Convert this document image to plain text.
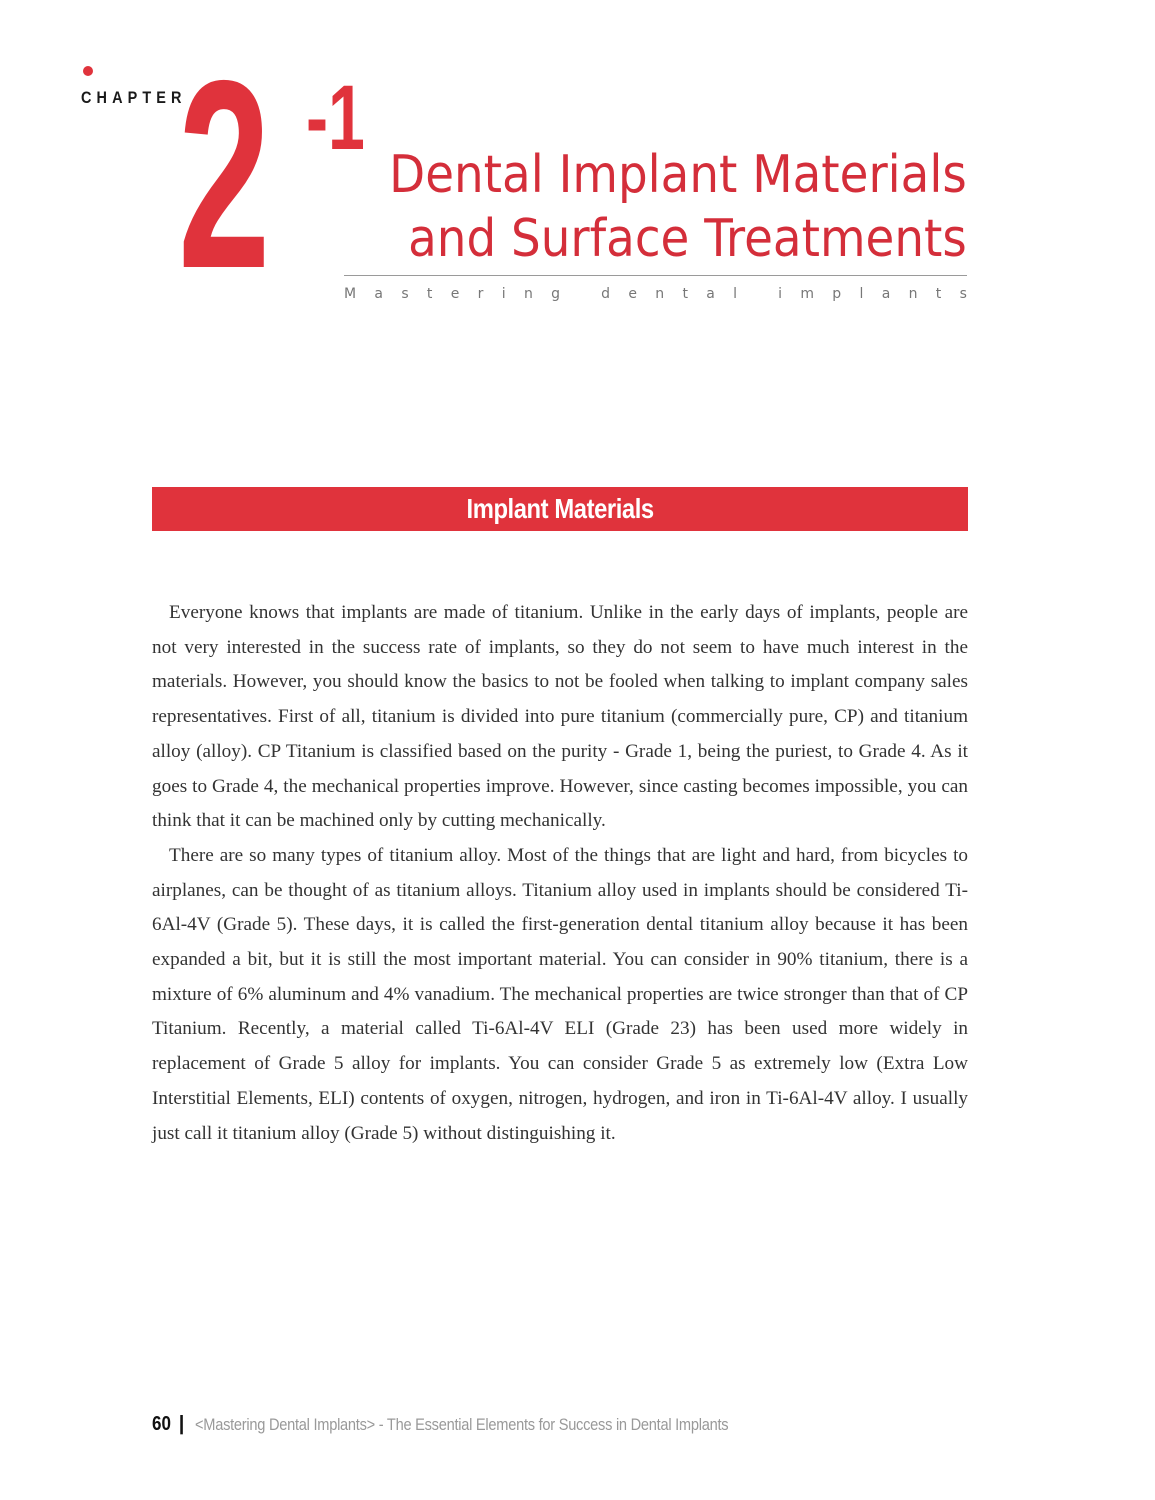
CHAPTER
2 -1
Dental Implant Materials
and Surface Treatments
M a s t e r i n g
	d e n t a l
	i m p l a n t s
Implant Materials

Everyone knows that implants are made of titanium. Unlike in the early days of implants, people are not very interested in the success rate of implants, so they do not seem to have much interest in the materials. However, you should know the basics to not be fooled when talking to implant company sales representatives. First of all, titanium is divided into pure titanium (commercially pure, CP) and titanium alloy (alloy). CP Titanium is classified based on the purity - Grade 1, being the puriest, to Grade 4. As it goes to Grade 4, the mechanical properties improve. However, since casting becomes impossible, you can think that it can be machined only by cutting mechanically.

There are so many types of titanium alloy. Most of the things that are light and hard, from bicycles to airplanes, can be thought of as titanium alloys. Titanium alloy used in implants should be considered Ti-6Al-4V (Grade 5). These days, it is called the first-generation dental titanium alloy because it has been expanded a bit, but it is still the most important material. You can consider in 90% titanium, there is a mixture of 6% aluminum and 4% vanadium. The mechanical properties are twice stronger than that of CP Titanium. Recently, a material called Ti-6Al-4V ELI (Grade 23) has been used more widely in replacement of Grade 5 alloy for implants. You can consider Grade 5 as extremely low (Extra Low Interstitial Elements, ELI) contents of oxygen, nitrogen, hydrogen, and iron in Ti-6Al-4V alloy. I usually just call it titanium alloy (Grade 5) without distinguishing it.

60 | <Mastering Dental Implants> - The Essential Elements for Success in Dental Implants
